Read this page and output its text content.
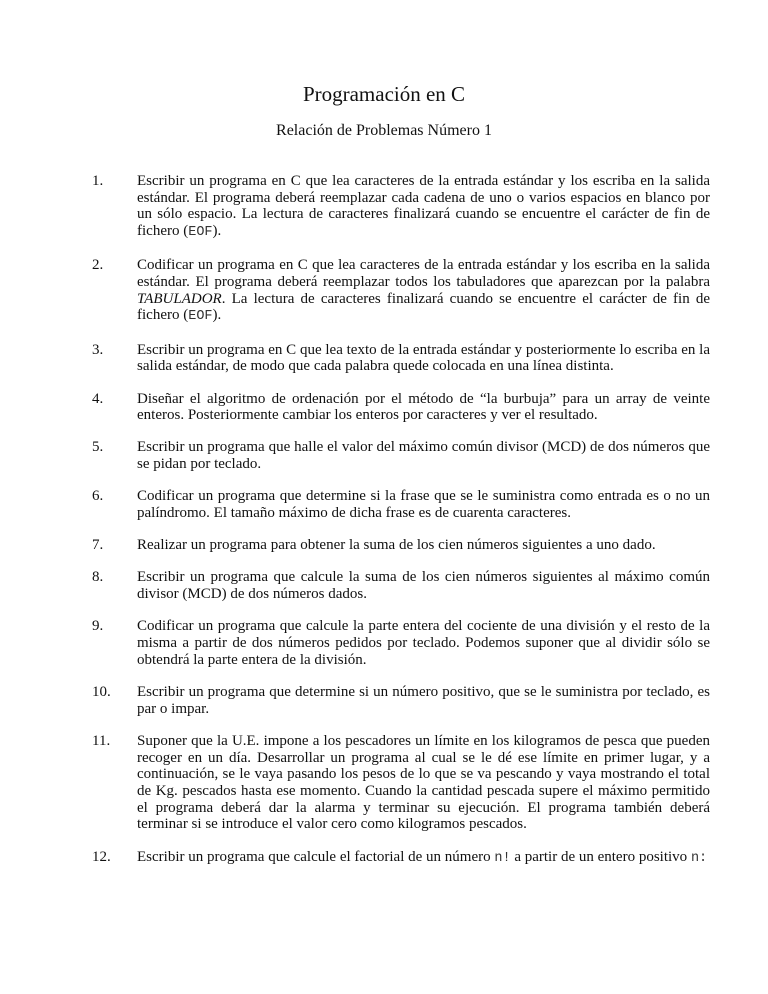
Programación en C
Relación de Problemas Número 1
1.	Escribir un programa en C que lea caracteres de la entrada estándar y los escriba en la salida estándar. El programa deberá reemplazar cada cadena de uno o varios espacios en blanco por un sólo espacio. La lectura de caracteres finalizará cuando se encuentre el carácter de fin de fichero (EOF).
2.	Codificar un programa en C que lea caracteres de la entrada estándar y los escriba en la salida estándar. El programa deberá reemplazar todos los tabuladores que aparezcan por la palabra TABULADOR. La lectura de caracteres finalizará cuando se encuentre el carácter de fin de fichero (EOF).
3.	Escribir un programa en C que lea texto de la entrada estándar y posteriormente lo escriba en la salida estándar, de modo que cada palabra quede colocada en una línea distinta.
4.	Diseñar el algoritmo de ordenación por el método de “la burbuja” para un array de veinte enteros. Posteriormente cambiar los enteros por caracteres y ver el resultado.
5.	Escribir un programa que halle el valor del máximo común divisor (MCD) de dos números que se pidan por teclado.
6.	Codificar un programa que determine si la frase que se le suministra como entrada es o no un palíndromo. El tamaño máximo de dicha frase es de cuarenta caracteres.
7.	Realizar un programa para obtener la suma de los cien números siguientes a uno dado.
8.	Escribir un programa que calcule la suma de los cien números siguientes al máximo común divisor (MCD) de dos números dados.
9.	Codificar un programa que calcule la parte entera del cociente de una división y el resto de la misma a partir de dos números pedidos por teclado. Podemos suponer que al dividir sólo se obtendrá la parte entera de la división.
10.	Escribir un programa que determine si un número positivo, que se le suministra por teclado, es par o impar.
11.	Suponer que la U.E. impone a los pescadores un límite en los kilogramos de pesca que pueden recoger en un día. Desarrollar un programa al cual se le dé ese límite en primer lugar, y a continuación, se le vaya pasando los pesos de lo que se va pescando y vaya mostrando el total de Kg. pescados hasta ese momento. Cuando la cantidad pescada supere el máximo permitido el programa deberá dar la alarma y terminar su ejecución. El programa también deberá terminar si se introduce el valor cero como kilogramos pescados.
12.	Escribir un programa que calcule el factorial de un número n! a partir de un entero positivo n:
